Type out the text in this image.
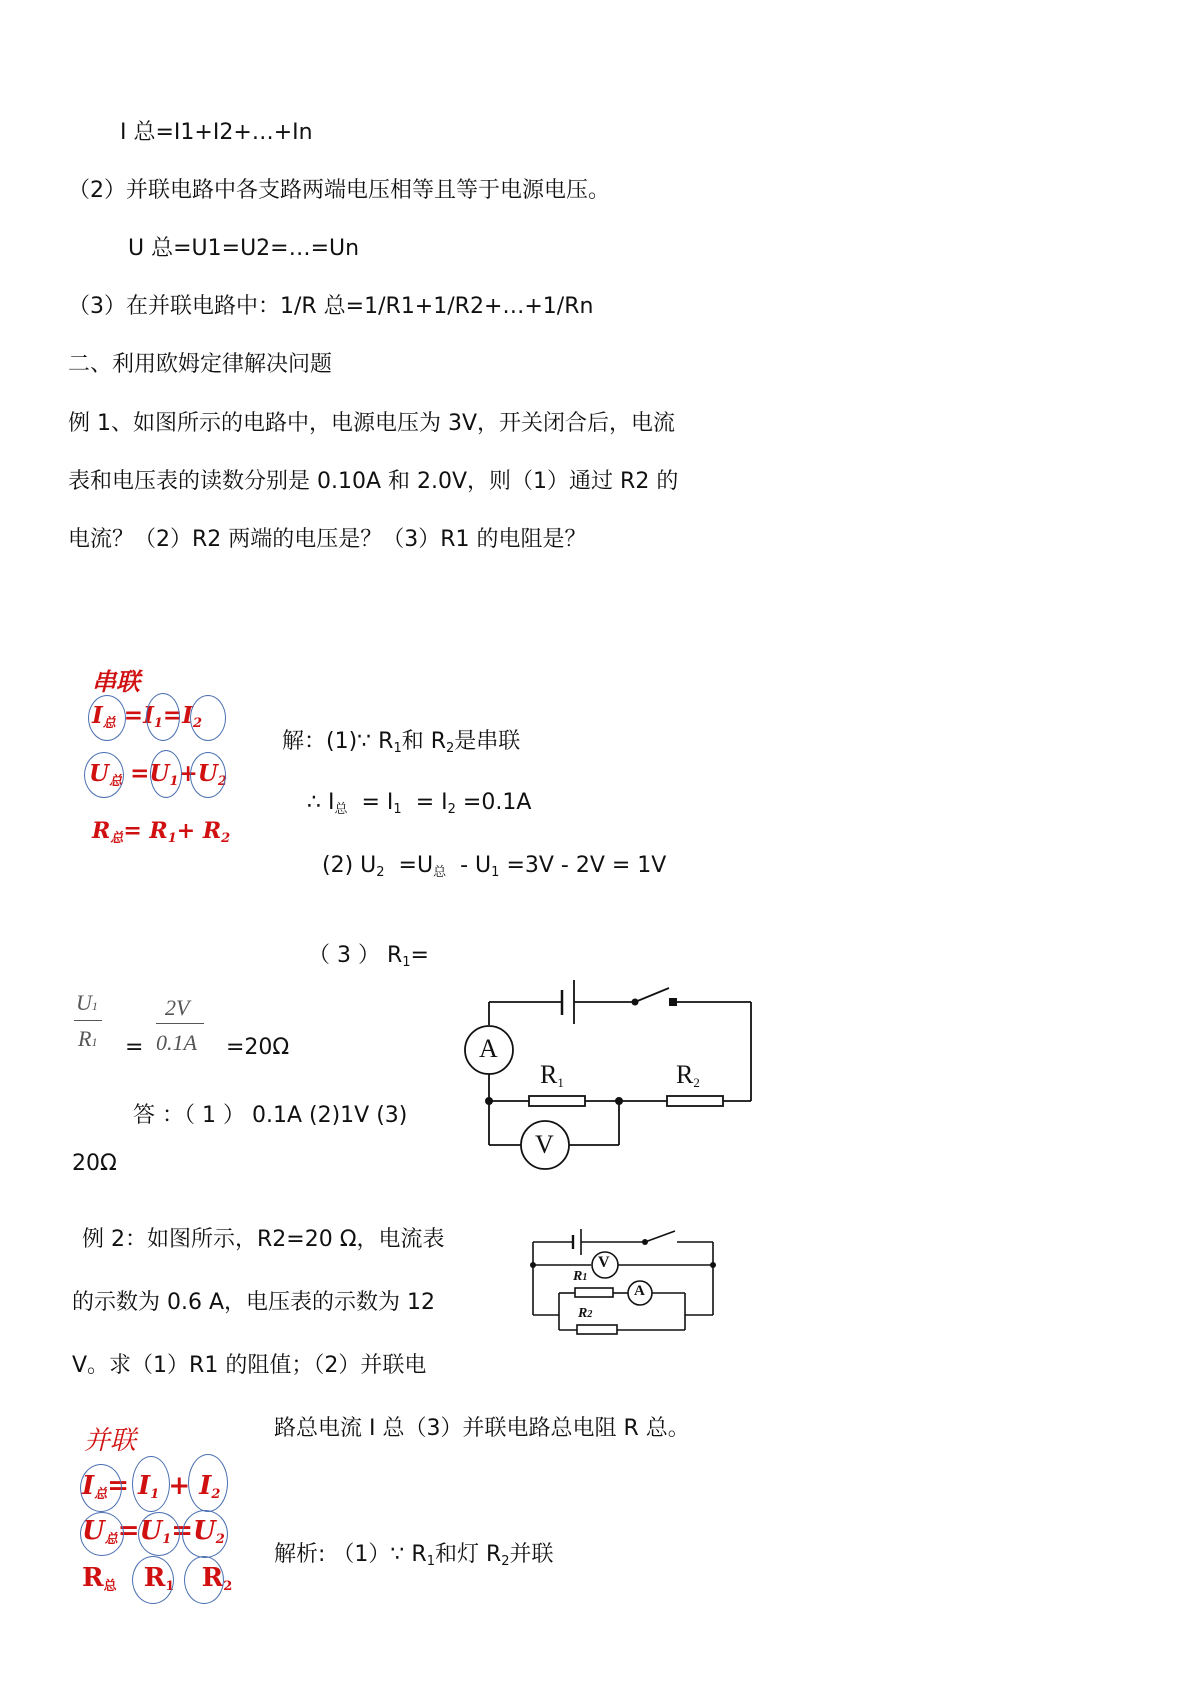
I 总=I1+I2+…+In
（2）并联电路中各支路两端电压相等且等于电源电压。
U 总=U1=U2=…=Un
（3）在并联电路中：1/R 总=1/R1+1/R2+…+1/Rn
二、利用欧姆定律解决问题
例 1、如图所示的电路中，电源电压为 3V，开关闭合后，电流
表和电压表的读数分别是 0.10A 和 2.0V，则（1）通过 R2 的
电流？（2）R2 两端的电压是？（3）R1 的电阻是？
串联
$I_总 =I_1=I_2$
$U_总 =U_1+U_2$
$R_总= R_1+ R_2$
解：(1)∵ $R_1$和 $R_2$是串联
∴ $I_总 = I_1 = I_2 =0.1A$
(2) $U_2 =U_总 - U_1 =3V - 2V = 1V$
（ 3 ） $R_1=$
U1
R1 =
2V
0.1A =20Ω
答 ：（ 1 ） 0.1A (2)1V (3)
20Ω
A
V
$R_1$	$R_2$
例 2：如图所示，R2=20 Ω，电流表
的示数为 0.6 A，电压表的示数为 12
V。求（1）R1 的阻值；（2）并联电
路总电流 I 总（3）并联电路总电阻 R 总。
解析: （1）∵ $R_1$和灯 $R_2$并联
V
A
R1
R2
并联
$I_总= I_1 + I_2$
$U_总=U_1=U_2$
$R_总$ $R_1$ $R_2$
